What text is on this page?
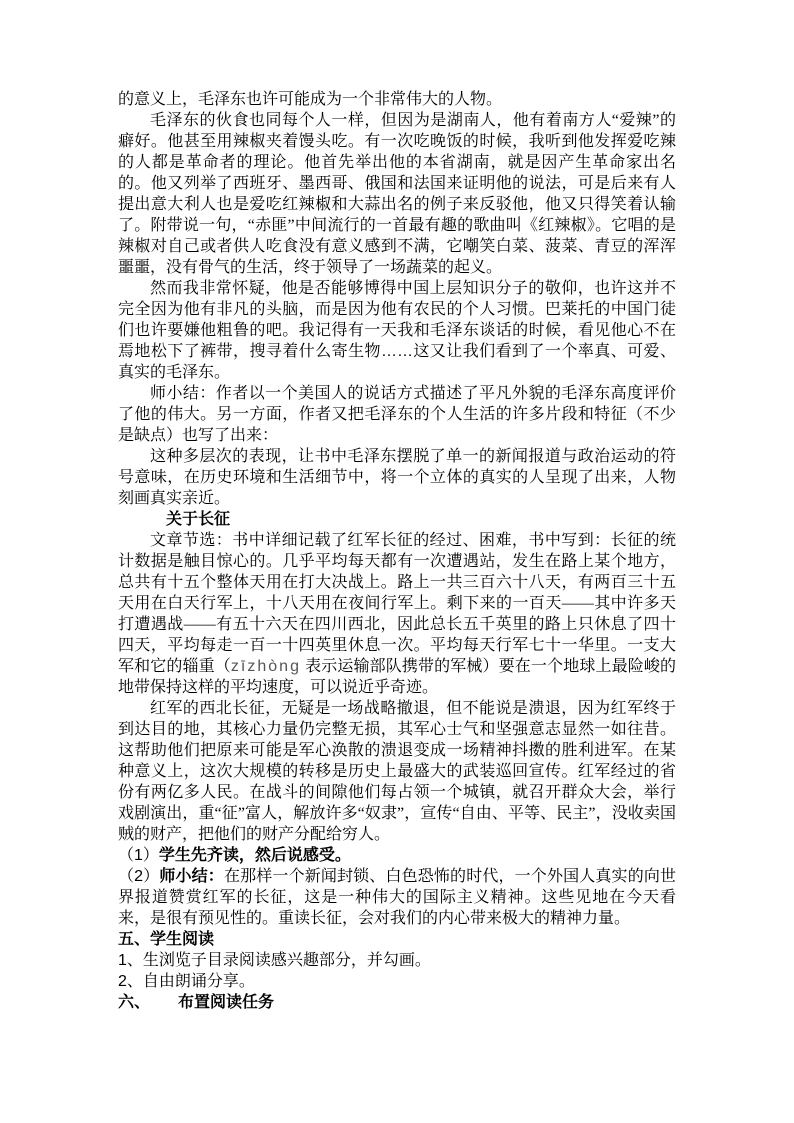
的意义上，毛泽东也许可能成为一个非常伟大的人物。

毛泽东的伙食也同每个人一样，但因为是湖南人，他有着南方人“爱辣”的癖好。他甚至用辣椒夹着馒头吃。有一次吃晚饭的时候，我听到他发挥爱吃辣的人都是革命者的理论。他首先举出他的本省湖南，就是因产生革命家出名的。他又列举了西班牙、墨西哥、俄国和法国来证明他的说法，可是后来有人提出意大利人也是爱吃红辣椒和大蒜出名的例子来反驳他，他又只得笑着认输了。附带说一句，“赤匪”中间流行的一首最有趣的歌曲叫《红辣椒》。它唱的是辣椒对自己或者供人吃食没有意义感到不满，它嘲笑白菜、菠菜、青豆的浑浑噩噩，没有骨气的生活，终于领导了一场蔬菜的起义。

然而我非常怀疑，他是否能够博得中国上层知识分子的敬仰，也许这并不完全因为他有非凡的头脑，而是因为他有农民的个人习惯。巴莱托的中国门徒们也许要嫌他粗鲁的吧。我记得有一天我和毛泽东谈话的时候，看见他心不在焉地松下了裤带，搜寻着什么寄生物……这又让我们看到了一个率真、可爱、真实的毛泽东。

师小结：作者以一个美国人的说话方式描述了平凡外貌的毛泽东高度评价了他的伟大。另一方面，作者又把毛泽东的个人生活的许多片段和特征（不少是缺点）也写了出来：

这种多层次的表现，让书中毛泽东摆脱了单一的新闻报道与政治运动的符号意味，在历史环境和生活细节中，将一个立体的真实的人呈现了出来，人物刻画真实亲近。

关于长征

文章节选：书中详细记载了红军长征的经过、困难，书中写到：长征的统计数据是触目惊心的。几乎平均每天都有一次遭遇站，发生在路上某个地方，总共有十五个整体天用在打大决战上。路上一共三百六十八天，有两百三十五天用在白天行军上，十八天用在夜间行军上。剩下来的一百天——其中许多天打遭遇战——有五十六天在四川西北，因此总长五千英里的路上只休息了四十四天，平均每走一百一十四英里休息一次。平均每天行军七十一华里。一支大军和它的辎重（zīzhòng 表示运输部队携带的军械）要在一个地球上最险峻的地带保持这样的平均速度，可以说近乎奇迹。

红军的西北长征，无疑是一场战略撤退，但不能说是溃退，因为红军终于到达目的地，其核心力量仍完整无损，其军心士气和坚强意志显然一如往昔。这帮助他们把原来可能是军心涣散的溃退变成一场精神抖擞的胜利进军。在某种意义上，这次大规模的转移是历史上最盛大的武装巡回宣传。红军经过的省份有两亿多人民。在战斗的间隙他们每占领一个城镇，就召开群众大会，举行戏剧演出，重“征”富人，解放许多“奴隶”，宣传“自由、平等、民主”，没收卖国贼的财产，把他们的财产分配给穷人。

（1）学生先齐读，然后说感受。

（2）师小结：在那样一个新闻封锁、白色恐怖的时代，一个外国人真实的向世界报道赞赏红军的长征，这是一种伟大的国际主义精神。这些见地在今天看来，是很有预见性的。重读长征，会对我们的内心带来极大的精神力量。

五、学生阅读

1、生浏览子目录阅读感兴趣部分，并勾画。

2、自由朗诵分享。

六、 布置阅读任务
